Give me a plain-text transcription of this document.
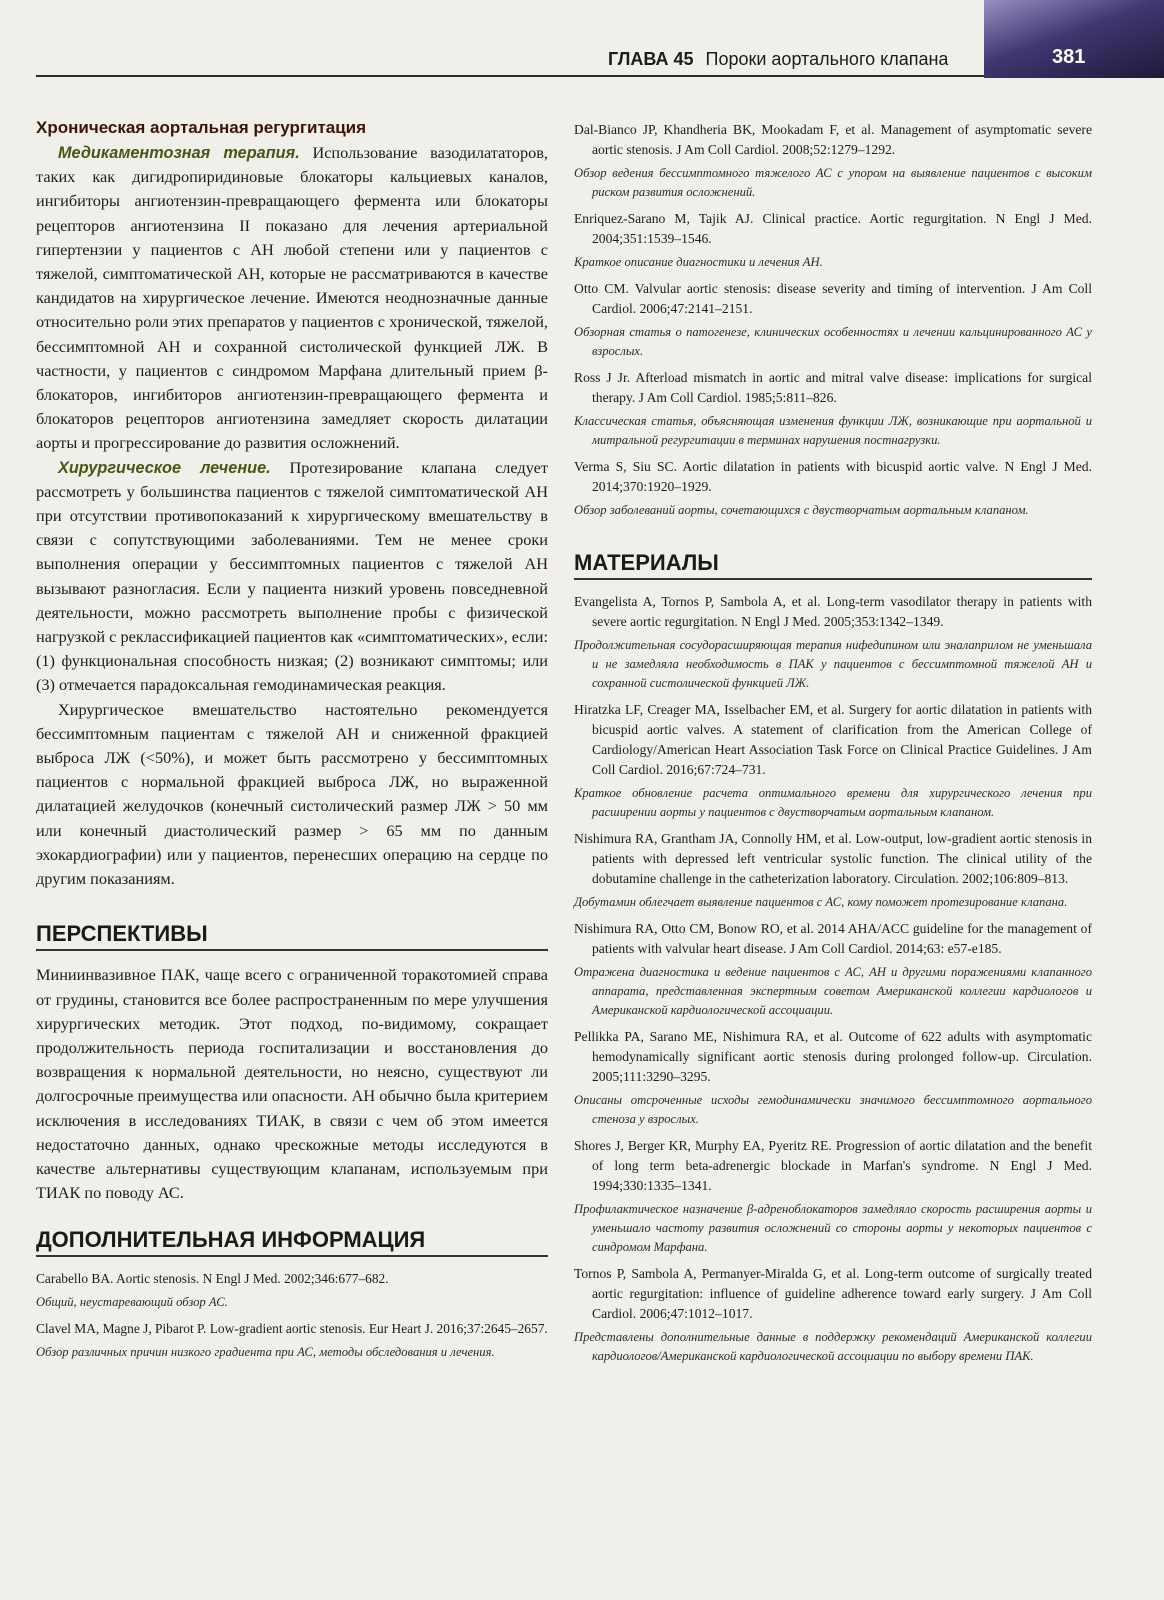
ГЛАВА 45 Пороки аортального клапана	381
Хроническая аортальная регургитация

Медикаментозная терапия. Использование вазодилататоров, таких как дигидропиридиновые блокаторы кальциевых каналов, ингибиторы ангиотензин-превращающего фермента или блокаторы рецепторов ангиотензина II показано для лечения артериальной гипертензии у пациентов с АН любой степени или у пациентов с тяжелой, симптоматической АН, которые не рассматриваются в качестве кандидатов на хирургическое лечение. Имеются неоднозначные данные относительно роли этих препаратов у пациентов с хронической, тяжелой, бессимптомной АН и сохранной систолической функцией ЛЖ. В частности, у пациентов с синдромом Марфана длительный прием β-блокаторов, ингибиторов ангиотензин-превращающего фермента и блокаторов рецепторов ангиотензина замедляет скорость дилатации аорты и прогрессирование до развития осложнений.

Хирургическое лечение. Протезирование клапана следует рассмотреть у большинства пациентов с тяжелой симптоматической АН при отсутствии противопоказаний к хирургическому вмешательству в связи с сопутствующими заболеваниями. Тем не менее сроки выполнения операции у бессимптомных пациентов с тяжелой АН вызывают разногласия. Если у пациента низкий уровень повседневной деятельности, можно рассмотреть выполнение пробы с физической нагрузкой с реклассификацией пациентов как «симптоматических», если: (1) функциональная способность низкая; (2) возникают симптомы; или (3) отмечается парадоксальная гемодинамическая реакция.

Хирургическое вмешательство настоятельно рекомендуется бессимптомным пациентам с тяжелой АН и сниженной фракцией выброса ЛЖ (<50%), и может быть рассмотрено у бессимптомных пациентов с нормальной фракцией выброса ЛЖ, но выраженной дилатацией желудочков (конечный систолический размер ЛЖ > 50 мм или конечный диастолический размер > 65 мм по данным эхокардиографии) или у пациентов, перенесших операцию на сердце по другим показаниям.

ПЕРСПЕКТИВЫ

Миниинвазивное ПАК, чаще всего с ограниченной торакотомией справа от грудины, становится все более распространенным по мере улучшения хирургических методик. Этот подход, по-видимому, сокращает продолжительность периода госпитализации и восстановления до возвращения к нормальной деятельности, но неясно, существуют ли долгосрочные преимущества или опасности. АН обычно была критерием исключения в исследованиях ТИАК, в связи с чем об этом имеется недостаточно данных, однако чрескожные методы исследуются в качестве альтернативы существующим клапанам, используемым при ТИАК по поводу АС.

ДОПОЛНИТЕЛЬНАЯ ИНФОРМАЦИЯ
Carabello BA. Aortic stenosis. N Engl J Med. 2002;346:677–682.
Общий, неустаревающий обзор АС.
Clavel MA, Magne J, Pibarot P. Low-gradient aortic stenosis. Eur Heart J. 2016;37:2645–2657.
Обзор различных причин низкого градиента при АС, методы обследования и лечения.
Dal-Bianco JP, Khandheria BK, Mookadam F, et al. Management of asymptomatic severe aortic stenosis. J Am Coll Cardiol. 2008;52:1279–1292.
Обзор ведения бессимптомного тяжелого АС с упором на выявление пациентов с высоким риском развития осложнений.
Enriquez-Sarano M, Tajik AJ. Clinical practice. Aortic regurgitation. N Engl J Med. 2004;351:1539–1546.
Краткое описание диагностики и лечения АН.
Otto CM. Valvular aortic stenosis: disease severity and timing of intervention. J Am Coll Cardiol. 2006;47:2141–2151.
Обзорная статья о патогенезе, клинических особенностях и лечении кальцинированного АС у взрослых.
Ross J Jr. Afterload mismatch in aortic and mitral valve disease: implications for surgical therapy. J Am Coll Cardiol. 1985;5:811–826.
Классическая статья, объясняющая изменения функции ЛЖ, возникающие при аортальной и митральной регургитации в терминах нарушения постнагрузки.
Verma S, Siu SC. Aortic dilatation in patients with bicuspid aortic valve. N Engl J Med. 2014;370:1920–1929.
Обзор заболеваний аорты, сочетающихся с двустворчатым аортальным клапаном.
МАТЕРИАЛЫ
Evangelista A, Tornos P, Sambola A, et al. Long-term vasodilator therapy in patients with severe aortic regurgitation. N Engl J Med. 2005;353:1342–1349.
Продолжительная сосудорасширяющая терапия нифедипином или эналаприлом не уменьшала и не замедляла необходимость в ПАК у пациентов с бессимптомной тяжелой АН и сохранной систолической функцией ЛЖ.
Hiratzka LF, Creager MA, Isselbacher EM, et al. Surgery for aortic dilatation in patients with bicuspid aortic valves. A statement of clarification from the American College of Cardiology/American Heart Association Task Force on Clinical Practice Guidelines. J Am Coll Cardiol. 2016;67:724–731.
Краткое обновление расчета оптимального времени для хирургического лечения при расширении аорты у пациентов с двустворчатым аортальным клапаном.
Nishimura RA, Grantham JA, Connolly HM, et al. Low-output, low-gradient aortic stenosis in patients with depressed left ventricular systolic function. The clinical utility of the dobutamine challenge in the catheterization laboratory. Circulation. 2002;106:809–813.
Добутамин облегчает выявление пациентов с АС, кому поможет протезирование клапана.
Nishimura RA, Otto CM, Bonow RO, et al. 2014 AHA/ACC guideline for the management of patients with valvular heart disease. J Am Coll Cardiol. 2014;63: e57-e185.
Отражена диагностика и ведение пациентов с АС, АН и другими поражениями клапанного аппарата, представленная экспертным советом Американской коллегии кардиологов и Американской кардиологической ассоциации.
Pellikka PA, Sarano ME, Nishimura RA, et al. Outcome of 622 adults with asymptomatic hemodynamically significant aortic stenosis during prolonged follow-up. Circulation. 2005;111:3290–3295.
Описаны отсроченные исходы гемодинамически значимого бессимптомного аортального стеноза у взрослых.
Shores J, Berger KR, Murphy EA, Pyeritz RE. Progression of aortic dilatation and the benefit of long term beta-adrenergic blockade in Marfan's syndrome. N Engl J Med. 1994;330:1335–1341.
Профилактическое назначение β-адреноблокаторов замедляло скорость расширения аорты и уменьшало частоту развития осложнений со стороны аорты у некоторых пациентов с синдромом Марфана.
Tornos P, Sambola A, Permanyer-Miralda G, et al. Long-term outcome of surgically treated aortic regurgitation: influence of guideline adherence toward early surgery. J Am Coll Cardiol. 2006;47:1012–1017.
Представлены дополнительные данные в поддержку рекомендаций Американской коллегии кардиологов/Американской кардиологической ассоциации по выбору времени ПАК.
